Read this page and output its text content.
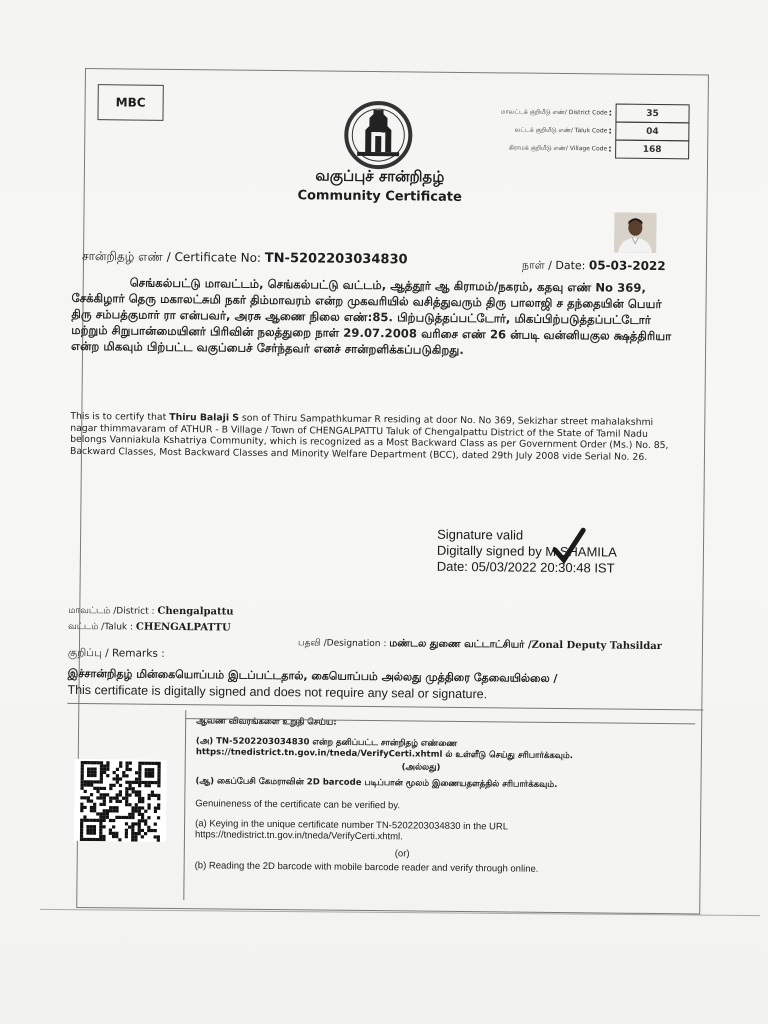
MBC
மாவட்டக் குறியீடு எண்/ District Code	: 35
வட்டக் குறியீடு எண்/ Taluk Code	: 04
கிராமக் குறியீடு எண்/ Village Code	: 168
வகுப்புச் சான்றிதழ்
Community Certificate
சான்றிதழ் எண் / Certificate No: TN-5202203034830	நாள் / Date: 05-03-2022
செங்கல்பட்டு மாவட்டம், செங்கல்பட்டு வட்டம், ஆத்தூர் ஆ கிராமம்/நகரம், கதவு எண் No 369, சேக்கிழார் தெரு மகாலட்சுமி நகர் திம்மாவரம் என்ற முகவரியில் வசித்துவரும் திரு பாலாஜி ச தந்தையின் பெயர் திரு சம்பத்குமார் ரா என்பவர், அரசு ஆணை நிலை எண்:85. பிற்படுத்தப்பட்டோர், மிகப்பிற்படுத்தப்பட்டோர் மற்றும் சிறுபான்மையினர் பிரிவின் நலத்துறை நாள் 29.07.2008 வரிசை எண் 26 ன்படி வன்னியகுல க்ஷத்திரியா என்ற மிகவும் பிற்பட்ட வகுப்பைச் சேர்ந்தவர் எனச் சான்றளிக்கப்படுகிறது.
This is to certify that Thiru Balaji S son of Thiru Sampathkumar R residing at door No. No 369, Sekizhar street mahalakshmi nagar thimmavaram of ATHUR - B Village / Town of CHENGALPATTU Taluk of Chengalpattu District of the State of Tamil Nadu belongs Vanniakula Kshatriya Community, which is recognized as a Most Backward Class as per Government Order (Ms.) No. 85, Backward Classes, Most Backward Classes and Minority Welfare Department (BCC), dated 29th July 2008 vide Serial No. 26.
Signature valid
Digitally signed by M SHAMILA
Date: 05/03/2022 20:30:48 IST
மாவட்டம் /District : Chengalpattu
வட்டம் /Taluk : CHENGALPATTU
பதவி /Designation : மண்டல துணை வட்டாட்சியர் /Zonal Deputy Tahsildar
குறிப்பு / Remarks :
இச்சான்றிதழ் மின்கையொப்பம் இடப்பட்டதால், கையொப்பம் அல்லது முத்திரை தேவையில்லை /
This certificate is digitally signed and does not require any seal or signature.
ஆவண விவரங்களை உறுதி செய்ய:
(அ) TN-5202203034830 என்ற தனிப்பட்ட சான்றிதழ் எண்ணை https://tnedistrict.tn.gov.in/tneda/VerifyCerti.xhtml ல் உள்ளீடு செய்து சரிபார்க்கவும்.
(அல்லது)
(ஆ) கைப்பேசி கேமராவின் 2D barcode படிப்பான் மூலம் இணையதளத்தில் சரிபார்க்கவும்.
Genuineness of the certificate can be verified by.
(a) Keying in the unique certificate number TN-5202203034830 in the URL https://tnedistrict.tn.gov.in/tneda/VerifyCerti.xhtml.
(or)
(b) Reading the 2D barcode with mobile barcode reader and verify through online.
